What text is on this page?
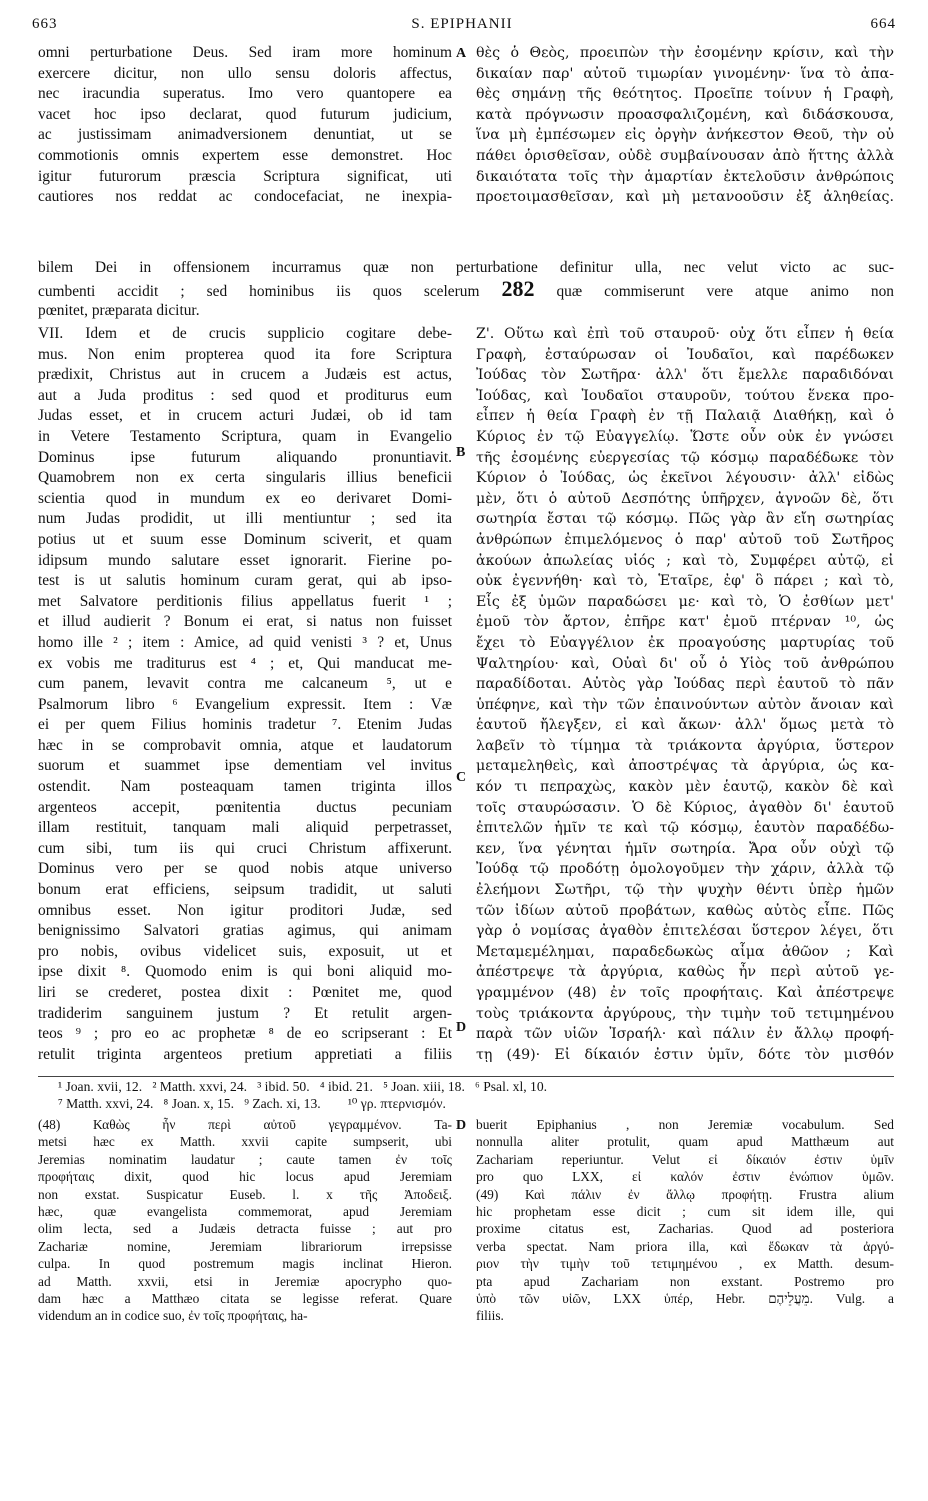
663	S. EPIPHANII	664
omni perturbatione Deus. Sed iram more hominum
exercere dicitur, non ullo sensu doloris affectus,
nec iracundia superatus. Imo vero quantopere ea
vacet hoc ipso declarat, quod futurum judicium,
ac justissimam animadversionem denuntiat, ut se
commotionis omnis expertem esse demonstret. Hoc
igitur futurorum præscia Scriptura significat, uti
cautiores nos reddat ac condocefaciat, ne inexpia-
A θὲς ὁ Θεὸς, προειπὼν τὴν ἐσομένην κρίσιν, καὶ τὴν
δικαίαν παρ' αὐτοῦ τιμωρίαν γινομένην· ἵνα τὸ ἀπα-
θὲς σημάνῃ τῆς θεότητος. Προεῖπε τοίνυν ἡ Γραφὴ,
κατὰ πρόγνωσιν προασφαλιζομένη, καὶ διδάσκουσα,
ἵνα μὴ ἐμπέσωμεν εἰς ὀργὴν ἀνήκεστον Θεοῦ, τὴν οὐ
πάθει ὁρισθεῖσαν, οὐδὲ συμβαίνουσαν ἀπὸ ἥττης ἀλλὰ
δικαιότατα τοῖς τὴν ἁμαρτίαν ἐκτελοῦσιν ἀνθρώποις
προετοιμασθεῖσαν, καὶ μὴ μετανοοῦσιν ἐξ ἀληθείας.
bilem Dei in offensionem incurramus quæ non perturbatione definitur ulla, nec velut victo ac suc-
cumbenti accidit ; sed hominibus iis quos scelerum 282 quæ commiserunt vere atque animo non
pœnitet, præparata dicitur.
VII. Idem et de crucis supplicio cogitare debe-
mus. Non enim propterea quod ita fore Scriptura
prædixit, Christus aut in crucem a Judæis est actus,
aut a Juda proditus : sed quod et proditurus eum
Judas esset, et in crucem acturi Judæi, ob id tam
in Vetere Testamento Scriptura, quam in Evangelio
Dominus ipse futurum aliquando pronuntiavit.
Quamobrem non ex certa singularis illius beneficii
scientia quod in mundum ex eo derivaret Domi-
num Judas prodidit, ut illi mentiuntur ; sed ita
potius ut et suum esse Dominum sciverit, et quam
idipsum mundo salutare esset ignorarit. Fierine po-
test is ut salutis hominum curam gerat, qui ab ipso-
met Salvatore perditionis filius appellatus fuerit ¹ ;
et illud audierit ? Bonum ei erat, si natus non fuisset
homo ille ² ; item : Amice, ad quid venisti ³ ? et, Unus
ex vobis me traditurus est ⁴ ; et, Qui manducat me-
cum panem, levavit contra me calcaneum ⁵, ut e
Psalmorum libro ⁶ Evangelium expressit. Item : Væ
ei per quem Filius hominis tradetur ⁷. Etenim Judas
hæc in se comprobavit omnia, atque et laudatorum
suorum et suammet ipse dementiam vel invitus
ostendit. Nam posteaquam tamen triginta illos
argenteos accepit, pœnitentia ductus pecuniam
illam restituit, tanquam mali aliquid perpetrasset,
cum sibi, tum iis qui cruci Christum affixerunt.
Dominus vero per se quod nobis atque universo
bonum erat efficiens, seipsum tradidit, ut saluti
omnibus esset. Non igitur proditori Judæ, sed
benignissimo Salvatori gratias agimus, qui animam
pro nobis, ovibus videlicet suis, exposuit, ut et
ipse dixit ⁸. Quomodo enim is qui boni aliquid mo-
liri se crederet, postea dixit : Pœnitet me, quod
tradiderim sanguinem justum ? Et retulit argen-
teos ⁹ ; pro eo ac prophetæ ⁸ de eo scripserant : Et
retulit triginta argenteos pretium appretiati a filiis
B
C
D
Ζ'. Οὕτω καὶ ἐπὶ τοῦ σταυροῦ· οὐχ ὅτι εἶπεν ἡ θεία
Γραφὴ, ἐσταύρωσαν οἱ Ἰουδαῖοι, καὶ παρέδωκεν
Ἰούδας τὸν Σωτῆρα· ἀλλ' ὅτι ἔμελλε παραδιδόναι
Ἰούδας, καὶ Ἰουδαῖοι σταυροῦν, τούτου ἕνεκα προ-
εἶπεν ἡ θεία Γραφὴ ἐν τῇ Παλαιᾷ Διαθήκῃ, καὶ ὁ
Κύριος ἐν τῷ Εὐαγγελίῳ. Ὥστε οὖν οὐκ ἐν γνώσει
τῆς ἐσομένης εὐεργεσίας τῷ κόσμῳ παραδέδωκε τὸν
Κύριον ὁ Ἰούδας, ὡς ἐκεῖνοι λέγουσιν· ἀλλ' εἰδὼς
μὲν, ὅτι ὁ αὐτοῦ Δεσπότης ὑπῆρχεν, ἀγνοῶν δὲ, ὅτι
σωτηρία ἔσται τῷ κόσμῳ. Πῶς γὰρ ἂν εἴη σωτηρίας
ἀνθρώπων ἐπιμελόμενος ὁ παρ' αὐτοῦ τοῦ Σωτῆρος
ἀκούων ἀπωλείας υἱός ; καὶ τὸ, Συμφέρει αὐτῷ, εἰ
οὐκ ἐγεννήθη· καὶ τὸ, Ἑταῖρε, ἐφ' ὃ πάρει ; καὶ τὸ,
Εἷς ἐξ ὑμῶν παραδώσει με· καὶ τὸ, Ὁ ἐσθίων μετ'
ἐμοῦ τὸν ἄρτον, ἐπῆρε κατ' ἐμοῦ πτέρναν ¹⁰, ὡς
ἔχει τὸ Εὐαγγέλιον ἐκ προαγούσης μαρτυρίας τοῦ
Ψαλτηρίου· καὶ, Οὐαὶ δι' οὗ ὁ Υἱὸς τοῦ ἀνθρώπου
παραδίδοται. Αὐτὸς γὰρ Ἰούδας περὶ ἑαυτοῦ τὸ πᾶν
ὑπέφηνε, καὶ τὴν τῶν ἐπαινούντων αὐτὸν ἄνοιαν καὶ
ἑαυτοῦ ἤλεγξεν, εἰ καὶ ἄκων· ἀλλ' ὅμως μετὰ τὸ
λαβεῖν τὸ τίμημα τὰ τριάκοντα ἀργύρια, ὕστερον
μεταμεληθεὶς, καὶ ἀποστρέψας τὰ ἀργύρια, ὡς κα-
κόν τι πεπραχὼς, κακὸν μὲν ἑαυτῷ, κακὸν δὲ καὶ
τοῖς σταυρώσασιν. Ὁ δὲ Κύριος, ἀγαθὸν δι' ἑαυτοῦ
ἐπιτελῶν ἡμῖν τε καὶ τῷ κόσμῳ, ἑαυτὸν παραδέδω-
κεν, ἵνα γένηται ἡμῖν σωτηρία. Ἄρα οὖν οὐχὶ τῷ
Ἰούδᾳ τῷ προδότῃ ὁμολογοῦμεν τὴν χάριν, ἀλλὰ τῷ
ἐλεήμονι Σωτῆρι, τῷ τὴν ψυχὴν θέντι ὑπὲρ ἡμῶν
τῶν ἰδίων αὐτοῦ προβάτων, καθὼς αὐτὸς εἶπε. Πῶς
γὰρ ὁ νομίσας ἀγαθὸν ἐπιτελέσαι ὕστερον λέγει, ὅτι
Μεταμεμέλημαι, παραδεδωκὼς αἷμα ἀθῶον ; Καὶ
ἀπέστρεψε τὰ ἀργύρια, καθὼς ἦν περὶ αὐτοῦ γε-
γραμμένον (48) ἐν τοῖς προφήταις. Καὶ ἀπέστρεψε
τοὺς τριάκοντα ἀργύρους, τὴν τιμὴν τοῦ τετιμημένου
παρὰ τῶν υἱῶν Ἰσραήλ· καὶ πάλιν ἐν ἄλλῳ προφή-
τῃ (49)· Εἰ δίκαιόν ἐστιν ὑμῖν, δότε τὸν μισθόν
¹ Joan. xvii, 12.   ² Matth. xxvi, 24.   ³ ibid. 50.   ⁴ ibid. 21.   ⁵ Joan. xiii, 18.   ⁶ Psal. xl, 10.
⁷ Matth. xxvi, 24.   ⁸ Joan. x, 15.   ⁹ Zach. xi, 13.        ¹⁰ γρ. πτερνισμόν.
(48) Καθὼς ἦν περὶ αὐτοῦ γεγραμμένον. Ta-
metsi hæc ex Matth. xxvii capite sumpserit, ubi
Jeremias nominatim laudatur ; caute tamen ἐν τοῖς
προφήταις dixit, quod hic locus apud Jeremiam
non exstat. Suspicatur Euseb. l. x τῆς Ἀποδειξ.
hæc, quæ evangelista commemorat, apud Jeremiam
olim lecta, sed a Judæis detracta fuisse ; aut pro
Zachariæ nomine, Jeremiam librariorum irrepsisse
culpa. In quod postremum magis inclinat Hieron.
ad Matth. xxvii, etsi in Jeremiæ apocrypho quo-
dam hæc a Matthæo citata se legisse referat. Quare
videndum an in codice suo, ἐν τοῖς προφήταις, ha-
D buerit Epiphanius , non Jeremiæ vocabulum. Sed
nonnulla aliter protulit, quam apud Matthæum aut
Zachariam reperiuntur. Velut εἰ δίκαιόν ἐστιν ὑμῖν
pro quo LXX, εἰ καλόν ἐστιν ἐνώπιον ὑμῶν.
(49) Καὶ πάλιν ἐν ἄλλῳ προφήτῃ. Frustra alium
hic prophetam esse dicit ; cum sit idem ille, qui
proxime citatus est, Zacharias. Quod ad posteriora
verba spectat. Nam priora illa, καὶ ἔδωκαν τὰ ἀργύ-
ριον τὴν τιμὴν τοῦ τετιμημένου , ex Matth. desum-
pta apud Zachariam non exstant. Postremo pro
ὑπὸ τῶν υἱῶν, LXX ὑπέρ, Hebr. מֵעֲלֵיהֶם. Vulg. a
filiis.
